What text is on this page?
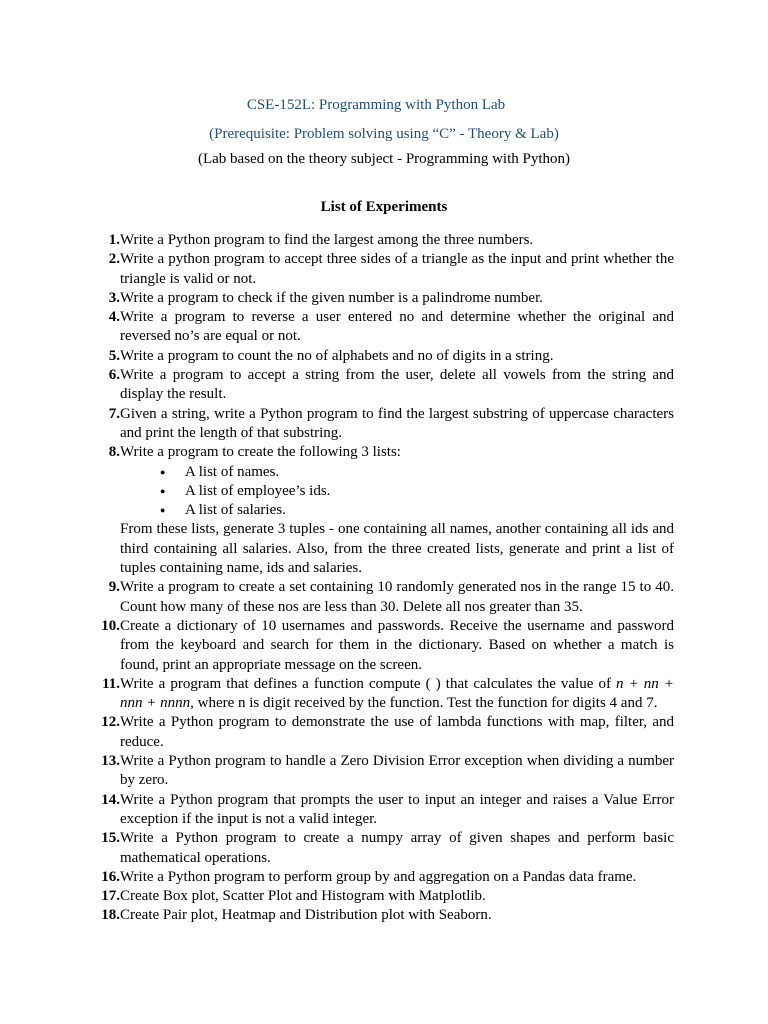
CSE-152L: Programming with Python Lab

(Prerequisite: Problem solving using “C” - Theory & Lab)

(Lab based on the theory subject - Programming with Python)

List of Experiments

1. Write a Python program to find the largest among the three numbers.
2. Write a python program to accept three sides of a triangle as the input and print whether the triangle is valid or not.
3. Write a program to check if the given number is a palindrome number.
4. Write a program to reverse a user entered no and determine whether the original and reversed no’s are equal or not.
5. Write a program to count the no of alphabets and no of digits in a string.
6. Write a program to accept a string from the user, delete all vowels from the string and display the result.
7. Given a string, write a Python program to find the largest substring of uppercase characters and print the length of that substring.
8. Write a program to create the following 3 lists:
●	A list of names.
●	A list of employee’s ids.
●	A list of salaries.
From these lists, generate 3 tuples - one containing all names, another containing all ids and third containing all salaries. Also, from the three created lists, generate and print a list of tuples containing name, ids and salaries.
9. Write a program to create a set containing 10 randomly generated nos in the range 15 to 40. Count how many of these nos are less than 30. Delete all nos greater than 35.
10. Create a dictionary of 10 usernames and passwords. Receive the username and password from the keyboard and search for them in the dictionary. Based on whether a match is found, print an appropriate message on the screen.
11. Write a program that defines a function compute ( ) that calculates the value of n + nn + nnn + nnnn, where n is digit received by the function. Test the function for digits 4 and 7.
12. Write a Python program to demonstrate the use of lambda functions with map, filter, and reduce.
13. Write a Python program to handle a Zero Division Error exception when dividing a number by zero.
14. Write a Python program that prompts the user to input an integer and raises a Value Error exception if the input is not a valid integer.
15. Write a Python program to create a numpy array of given shapes and perform basic mathematical operations.
16. Write a Python program to perform group by and aggregation on a Pandas data frame.
17. Create Box plot, Scatter Plot and Histogram with Matplotlib.
18. Create Pair plot, Heatmap and Distribution plot with Seaborn.
